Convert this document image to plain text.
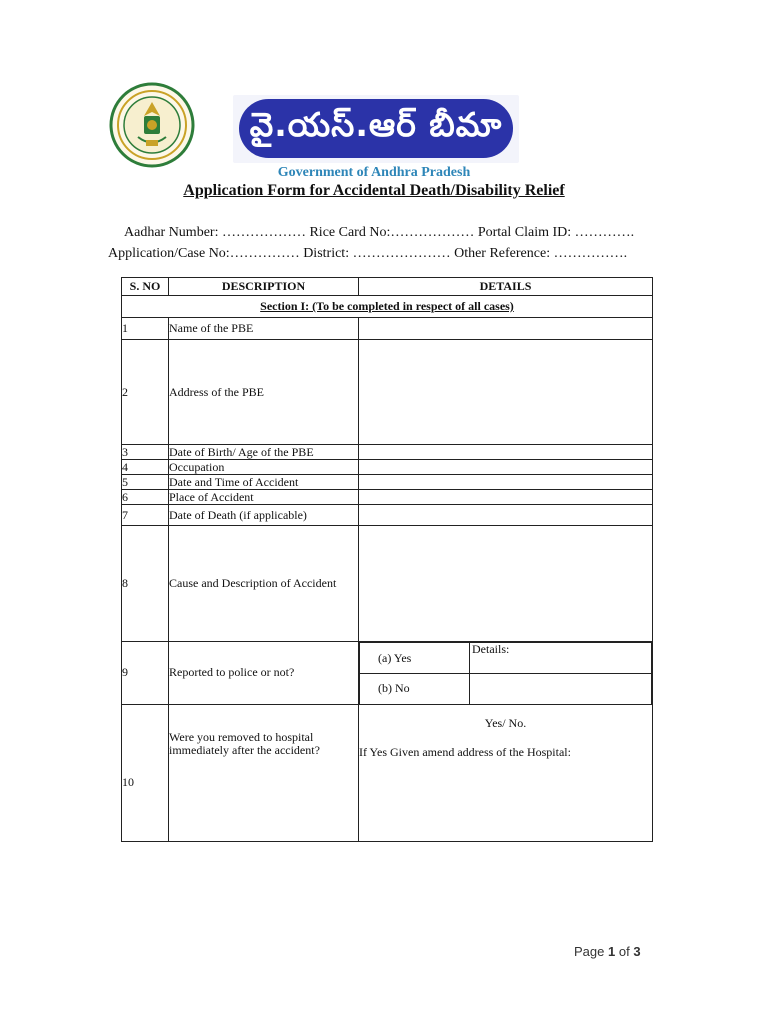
వై.యస్.ఆర్ బీమా
Government of Andhra Pradesh
Application Form for Accidental Death/Disability Relief
Aadhar Number: ……………… Rice Card No:……………… Portal Claim ID: ………….
Application/Case No:…………… District: ………………… Other Reference: …………….
S. NO	DESCRIPTION	DETAILS
Section I: (To be completed in respect of all cases)
1	Name of the PBE	
2	Address of the PBE	
3	Date of Birth/ Age of the PBE	
4	Occupation	
5	Date and Time of Accident	
6	Place of Accident	
7	Date of Death (if applicable)	
8	Cause and Description of Accident	
9	Reported to police or not?	
(a) Yes	Details:
(b) No	

10	Were you removed to hospital immediately after the accident?	
Yes/ No.
If Yes Given amend address of the Hospital:
Page 1 of 3
